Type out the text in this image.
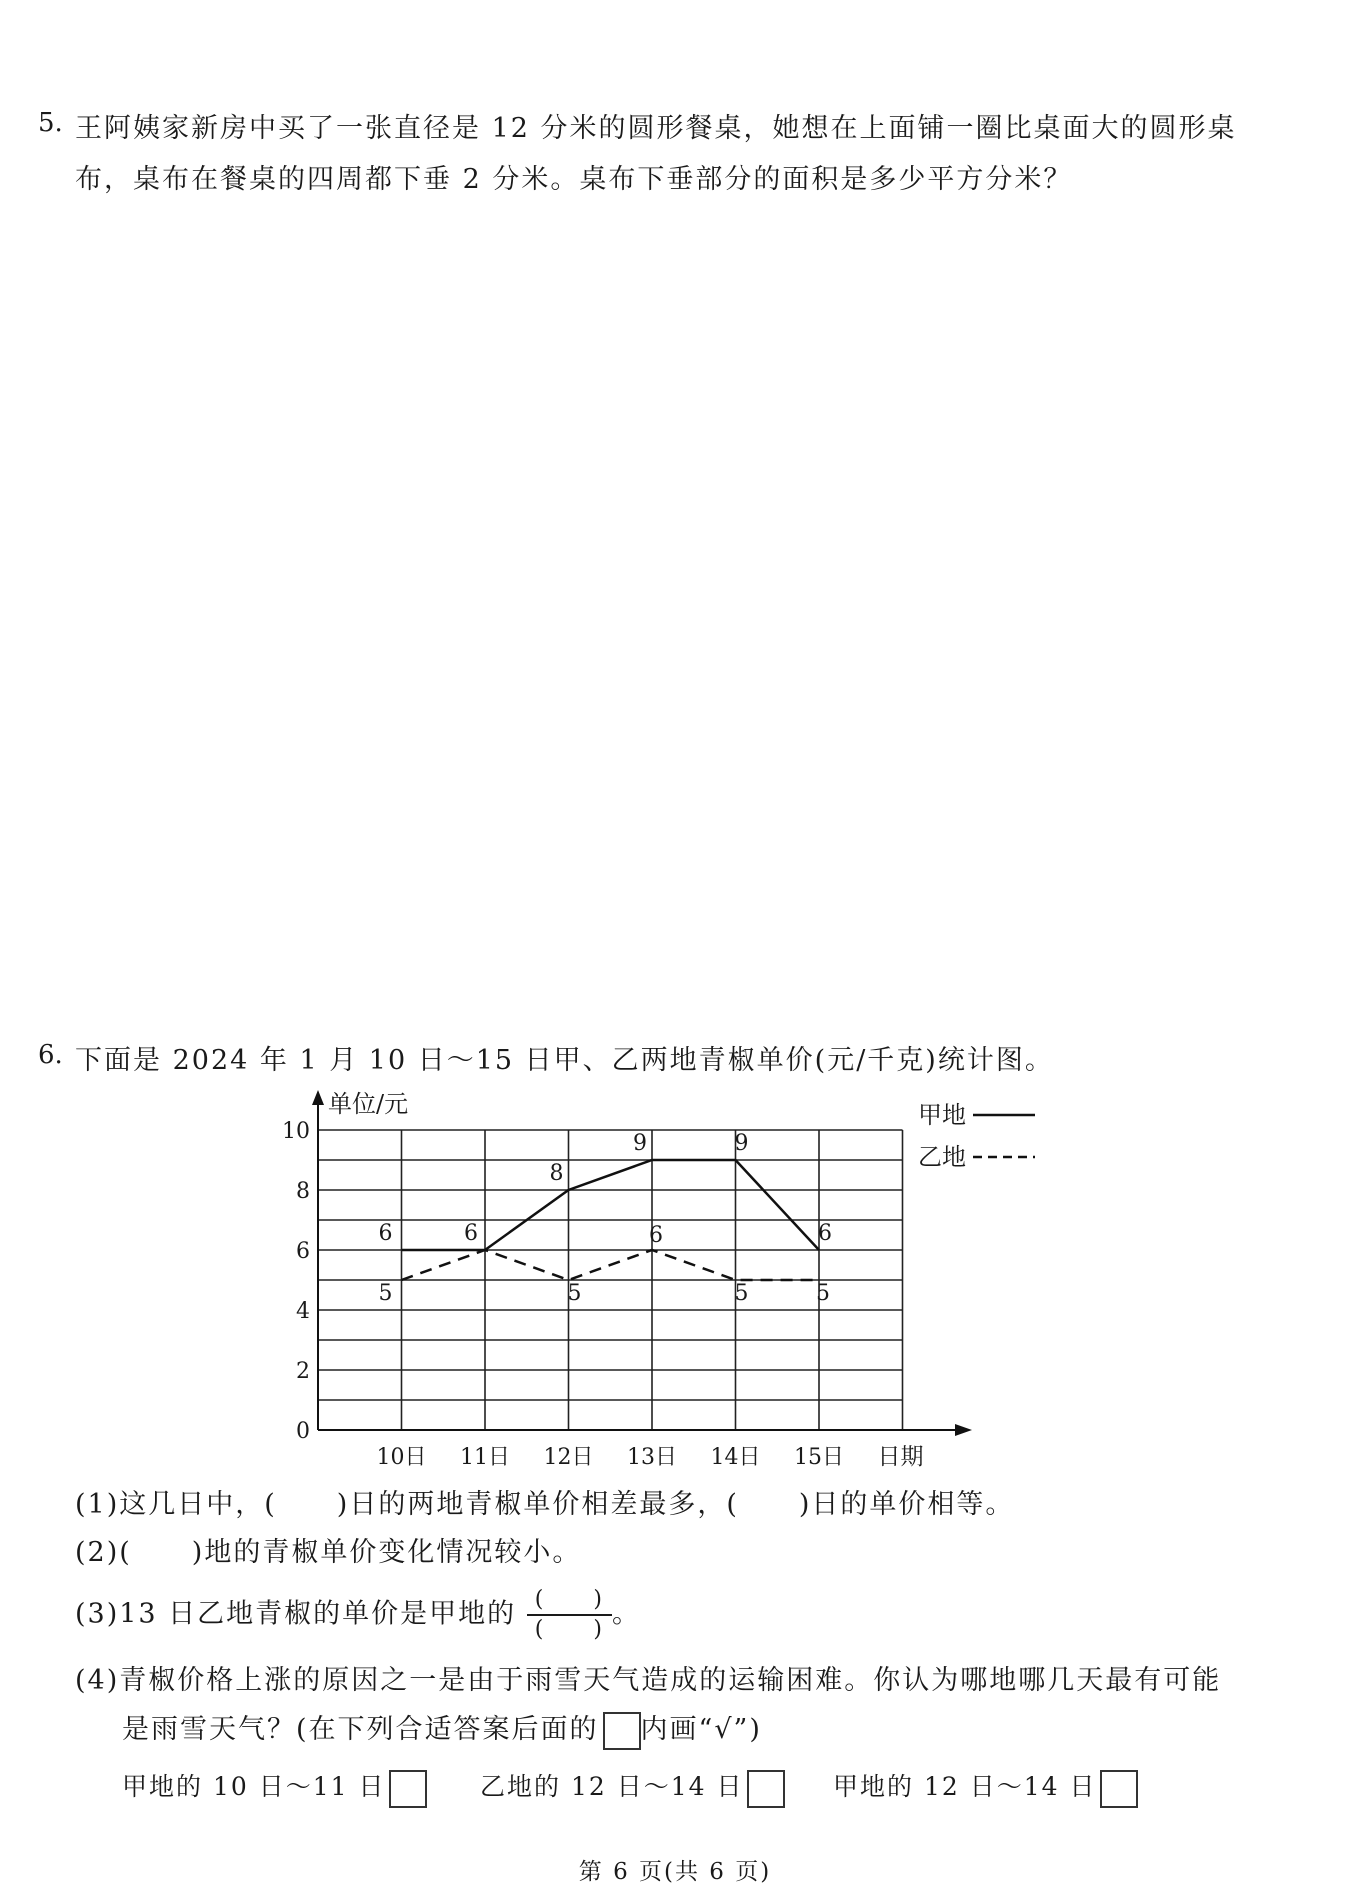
5. 王阿姨家新房中买了一张直径是 12 分米的圆形餐桌，她想在上面铺一圈比桌面大的圆形桌
布，桌布在餐桌的四周都下垂 2 分米。桌布下垂部分的面积是多少平方分米？
6. 下面是 2024 年 1 月 10 日～15 日甲、乙两地青椒单价(元/千克)统计图。
单位/元
日期
0
2
4
6
8
10
10日 11日 12日 13日 14日 15日
6	6
8
9	9
6
5	5
6
5	5
甲地
乙地
(1)这几日中，( )日的两地青椒单价相差最多，( )日的单价相等。
(2)( )地的青椒单价变化情况较小。
(3)13 日乙地青椒的单价是甲地的 $\frac{( )}{( )}$ 。
(4)青椒价格上涨的原因之一是由于雨雪天气造成的运输困难。你认为哪地哪几天最有可能
是雨雪天气？(在下列合适答案后面的 内画“√”)
甲地的 10 日～11 日	乙地的 12 日～14 日	甲地的 12 日～14 日
第 6 页(共 6 页)
